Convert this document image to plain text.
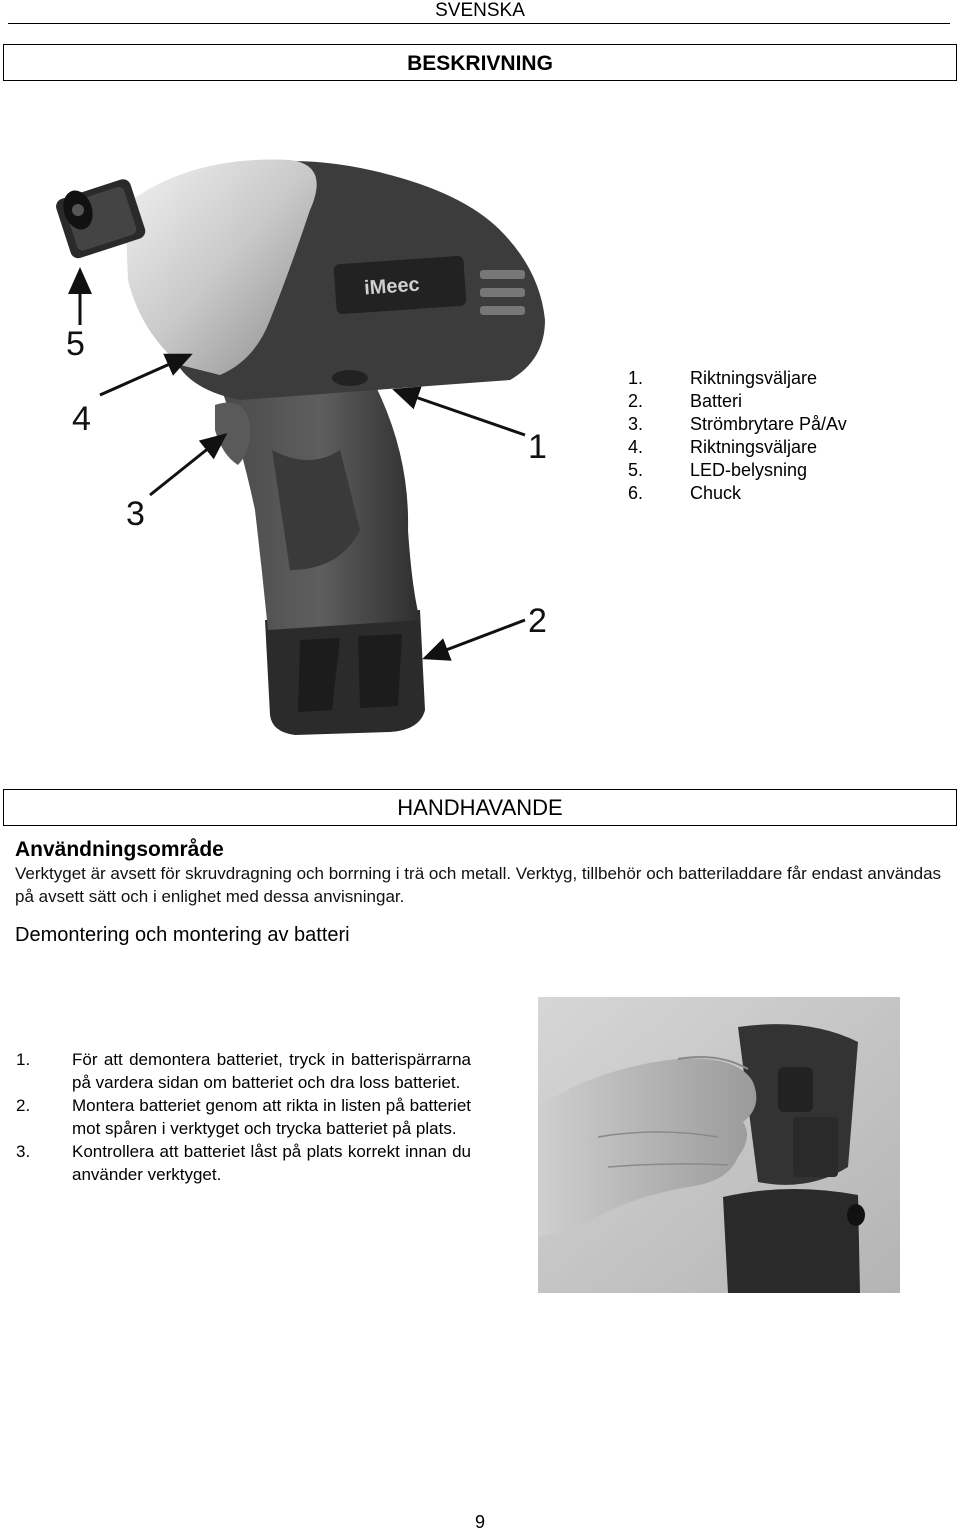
SVENSKA
BESKRIVNING
iMeec
5
4
3
1
2
1.	Riktningsväljare
2.	Batteri
3.	Strömbrytare På/Av
4.	Riktningsväljare
5.	LED-belysning
6.	Chuck
HANDHAVANDE
Användningsområde
Verktyget är avsett för skruvdragning och borrning i trä och metall. Verktyg, tillbehör och batteriladdare får endast användas på avsett sätt och i enlighet med dessa anvisningar.
Demontering och montering av batteri
1.	För att demontera batteriet, tryck in batterispärrarna på vardera sidan om batteriet och dra loss batteriet.
2.	Montera batteriet genom att rikta in listen på batteriet mot spåren i verktyget och trycka batteriet på plats.
3.	Kontrollera att batteriet låst på plats korrekt innan du använder verktyget.
9
